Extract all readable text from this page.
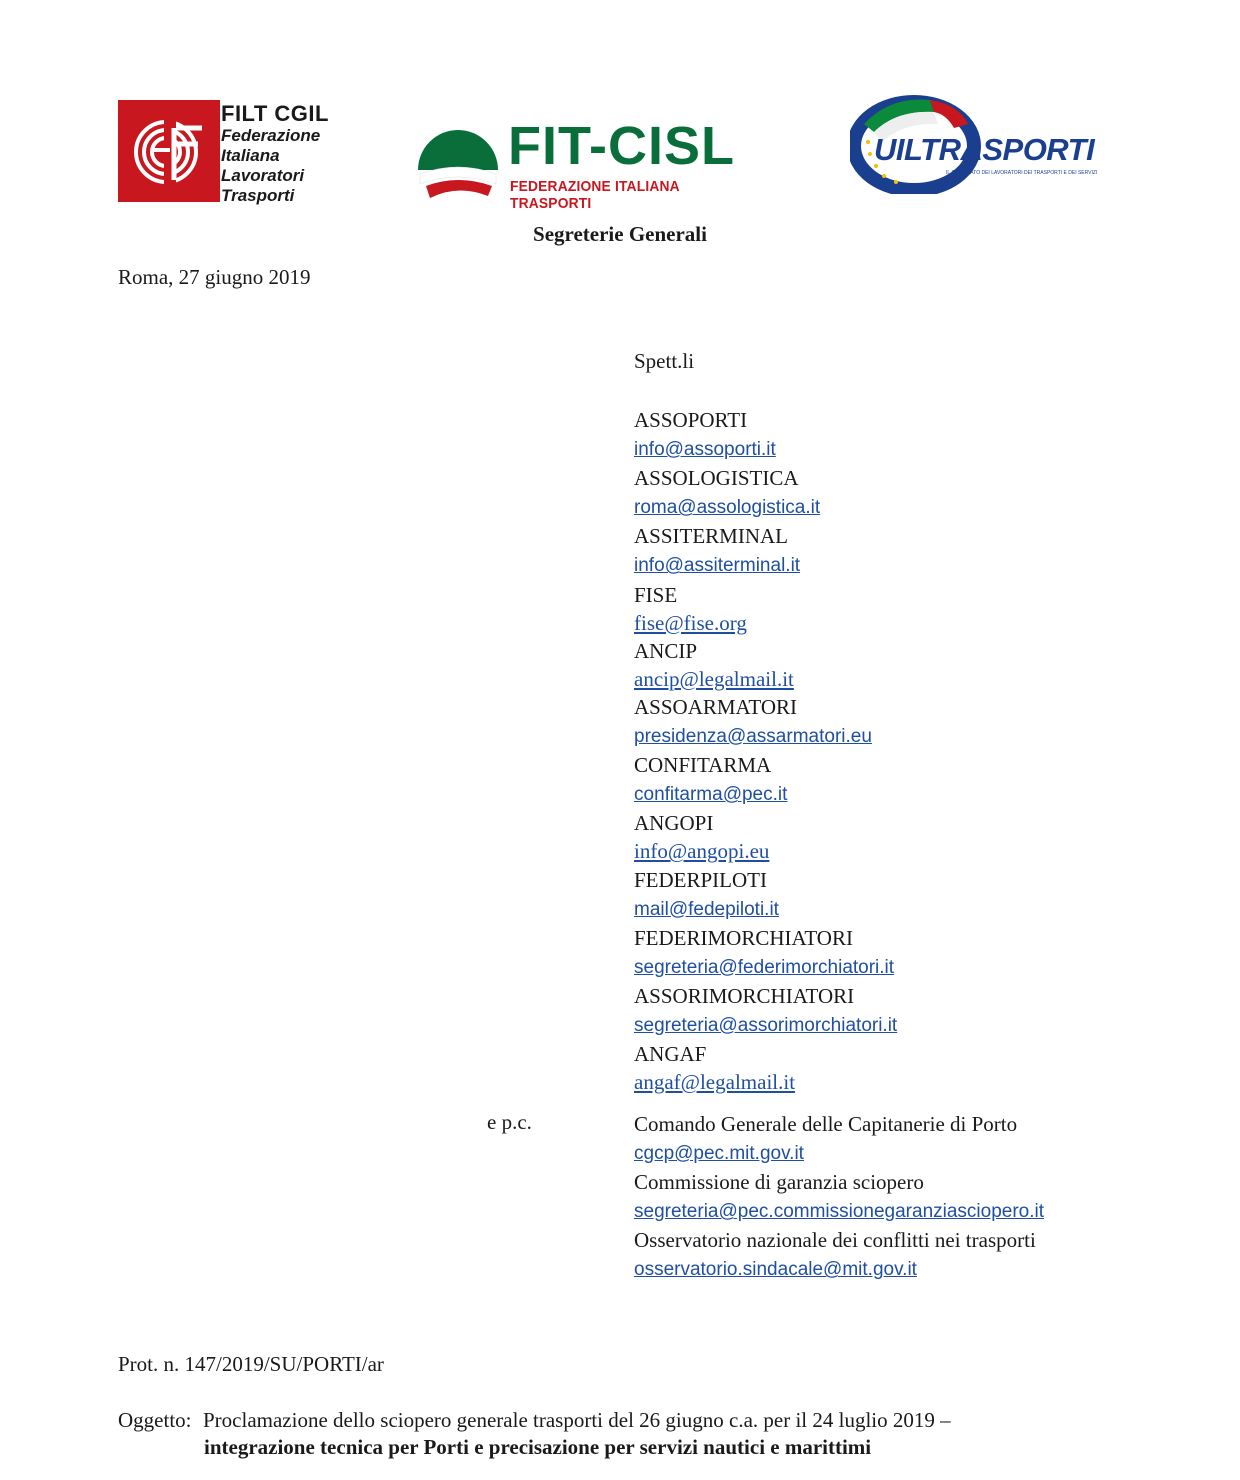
FILT CGIL
Federazione
Italiana
Lavoratori
Trasporti
FIT-CISL
FEDERAZIONE ITALIANA TRASPORTI
UILTRASPORTI
IL SINDACATO DEI LAVORATORI DEI TRASPORTI E DEI SERVIZI
Segreterie Generali
Roma, 27 giugno 2019
Spett.li
ASSOPORTI
info@assoporti.it
ASSOLOGISTICA
roma@assologistica.it
ASSITERMINAL
info@assiterminal.it
FISE
fise@fise.org
ANCIP
ancip@legalmail.it
ASSOARMATORI
presidenza@assarmatori.eu
CONFITARMA
confitarma@pec.it
ANGOPI
info@angopi.eu
FEDERPILOTI
mail@fedepiloti.it
FEDERIMORCHIATORI
segreteria@federimorchiatori.it
ASSORIMORCHIATORI
segreteria@assorimorchiatori.it
ANGAF
angaf@legalmail.it
e p.c.	Comando Generale delle Capitanerie di Porto
cgcp@pec.mit.gov.it
Commissione di garanzia sciopero
segreteria@pec.commissionegaranziasciopero.it
Osservatorio nazionale dei conflitti nei trasporti
osservatorio.sindacale@mit.gov.it
Prot. n. 147/2019/SU/PORTI/ar
Oggetto: Proclamazione dello sciopero generale trasporti del 26 giugno c.a. per il 24 luglio 2019 –
integrazione tecnica per Porti e precisazione per servizi nautici e marittimi
